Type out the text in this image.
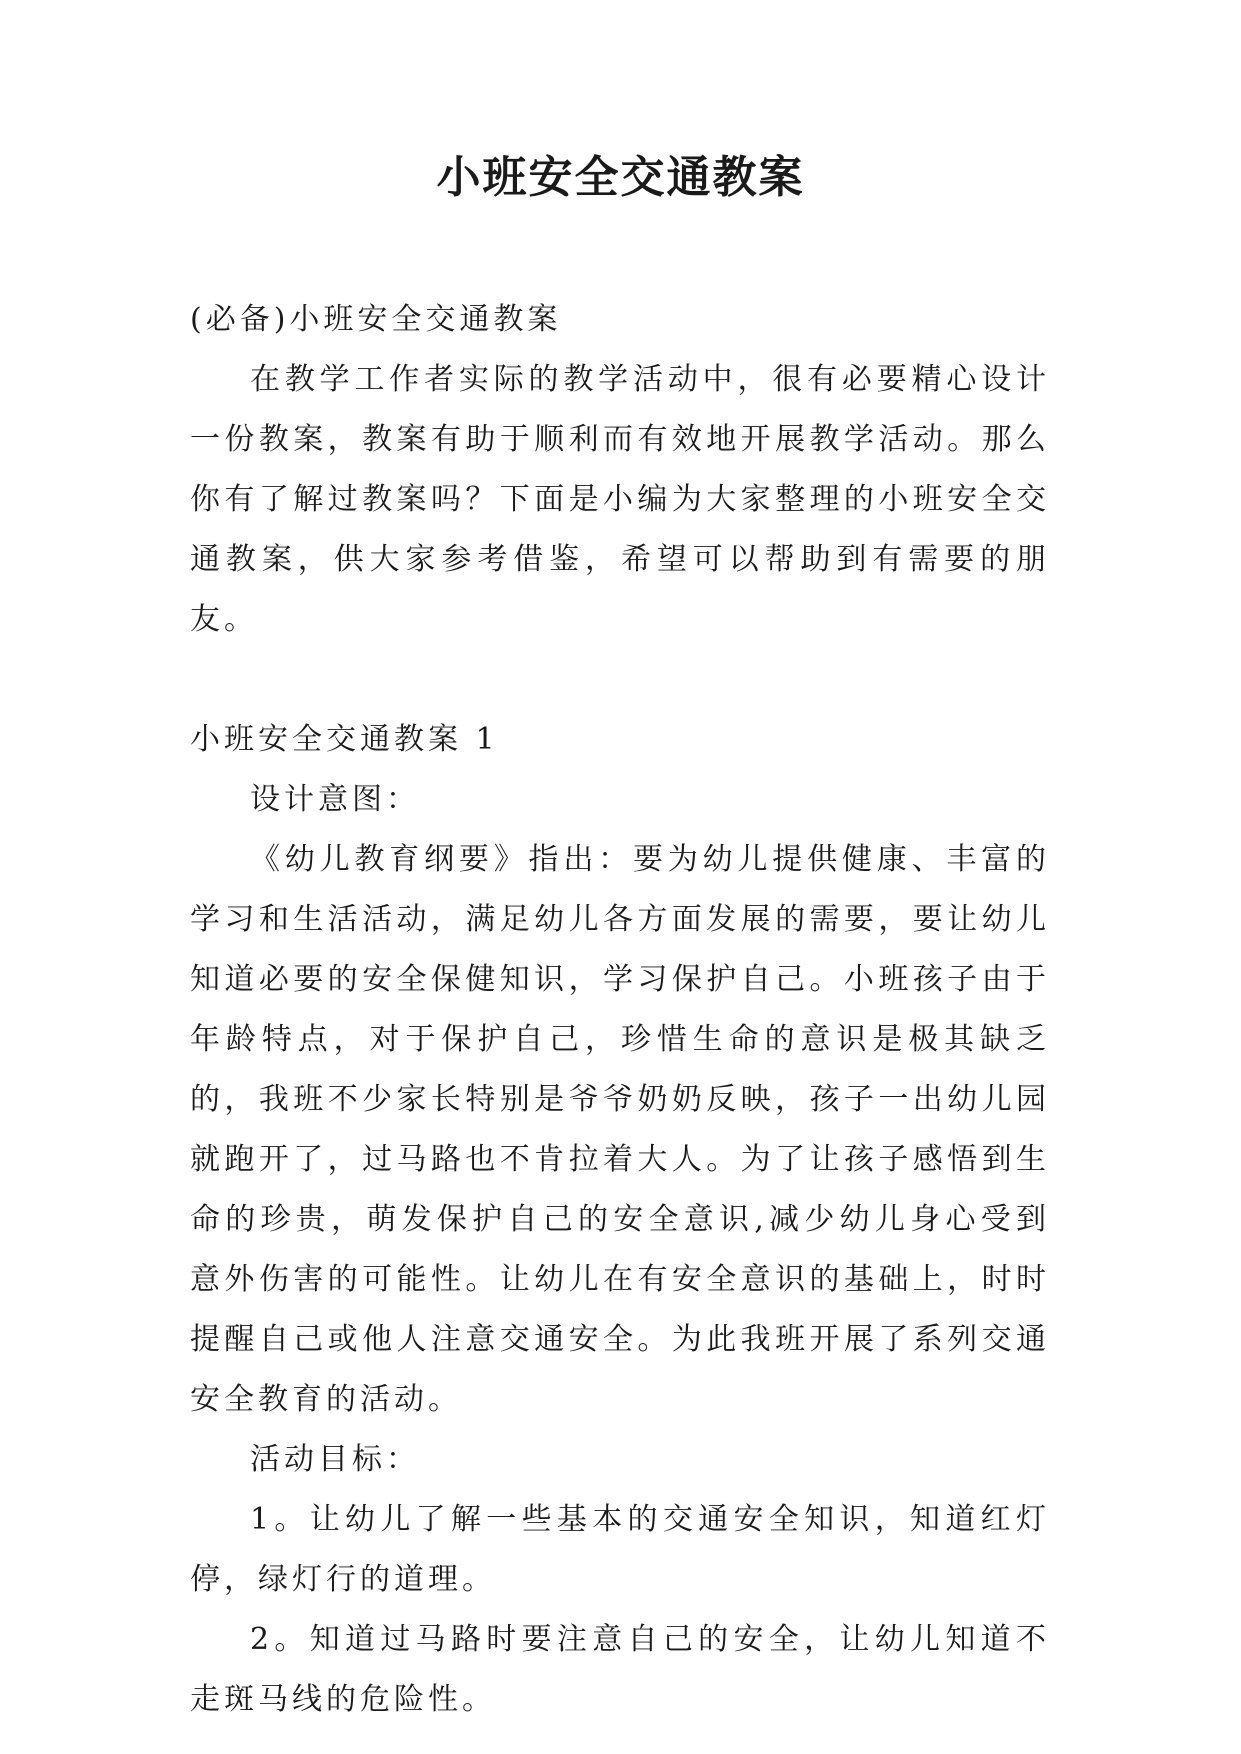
小班安全交通教案

(必备)小班安全交通教案

在教学工作者实际的教学活动中，很有必要精心设计一份教案，教案有助于顺利而有效地开展教学活动。那么你有了解过教案吗？下面是小编为大家整理的小班安全交通教案，供大家参考借鉴，希望可以帮助到有需要的朋友。

小班安全交通教案 1

设计意图：

《幼儿教育纲要》指出：要为幼儿提供健康、丰富的学习和生活活动，满足幼儿各方面发展的需要，要让幼儿知道必要的安全保健知识，学习保护自己。小班孩子由于年龄特点，对于保护自己，珍惜生命的意识是极其缺乏的，我班不少家长特别是爷爷奶奶反映，孩子一出幼儿园就跑开了，过马路也不肯拉着大人。为了让孩子感悟到生命的珍贵，萌发保护自己的安全意识,减少幼儿身心受到意外伤害的可能性。让幼儿在有安全意识的基础上，时时提醒自己或他人注意交通安全。为此我班开展了系列交通安全教育的活动。

活动目标：

1。让幼儿了解一些基本的交通安全知识，知道红灯停，绿灯行的道理。

2。知道过马路时要注意自己的安全，让幼儿知道不走斑马线的危险性。
